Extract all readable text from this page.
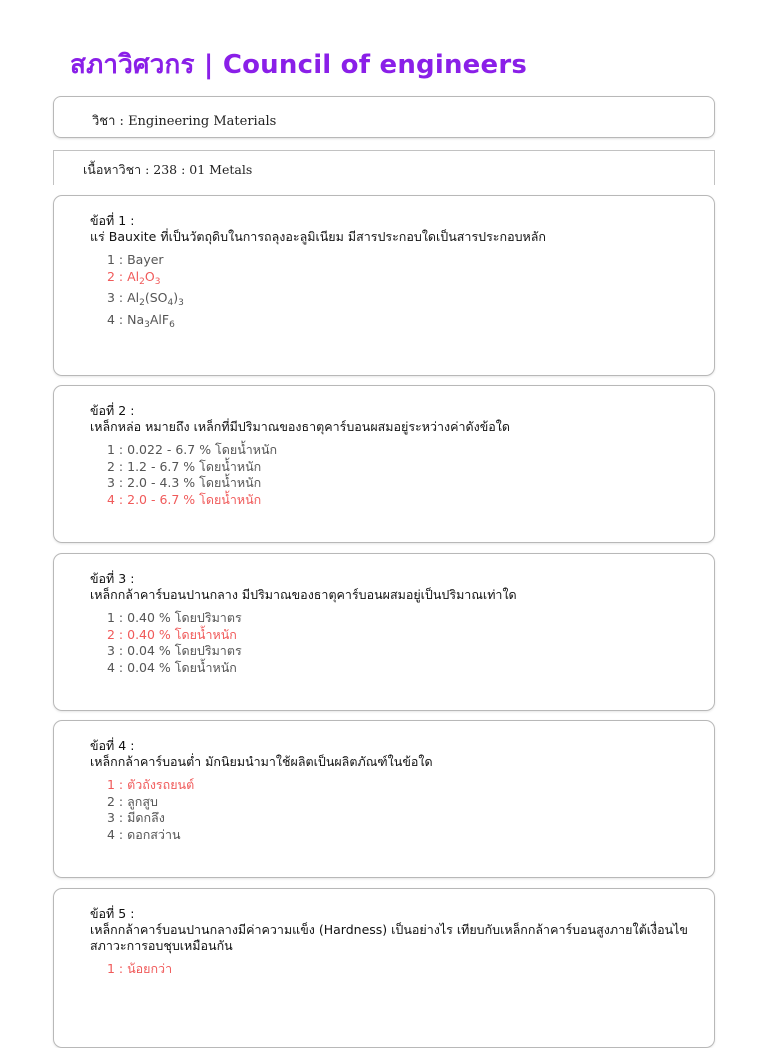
สภาวิศวกร | Council of engineers
วิชา : Engineering Materials
เนื้อหาวิชา : 238 : 01 Metals
ข้อที่ 1 :
แร่ Bauxite ที่เป็นวัตถุดิบในการถลุงอะลูมิเนียม มีสารประกอบใดเป็นสารประกอบหลัก
1 : Bayer
2 : $Al_2O_3$
3 : $Al_2(SO_4)_3$
4 : $Na_3AlF_6$
ข้อที่ 2 :
เหล็กหล่อ หมายถึง เหล็กที่มีปริมาณของธาตุคาร์บอนผสมอยู่ระหว่างค่าดังข้อใด
1 : 0.022 - 6.7 % โดยน้ำหนัก
2 : 1.2 - 6.7 % โดยน้ำหนัก
3 : 2.0 - 4.3 % โดยน้ำหนัก
4 : 2.0 - 6.7 % โดยน้ำหนัก
ข้อที่ 3 :
เหล็กกล้าคาร์บอนปานกลาง มีปริมาณของธาตุคาร์บอนผสมอยู่เป็นปริมาณเท่าใด
1 : 0.40 % โดยปริมาตร
2 : 0.40 % โดยน้ำหนัก
3 : 0.04 % โดยปริมาตร
4 : 0.04 % โดยน้ำหนัก
ข้อที่ 4 :
เหล็กกล้าคาร์บอนต่ำ มักนิยมนำมาใช้ผลิตเป็นผลิตภัณฑ์ในข้อใด
1 : ตัวถังรถยนต์
2 : ลูกสูบ
3 : มีดกลึง
4 : ดอกสว่าน
ข้อที่ 5 :
เหล็กกล้าคาร์บอนปานกลางมีค่าความแข็ง (Hardness) เป็นอย่างไร เทียบกับเหล็กกล้าคาร์บอนสูงภายใต้เงื่อนไขสภาวะการอบชุบเหมือนกัน
1 : น้อยกว่า
